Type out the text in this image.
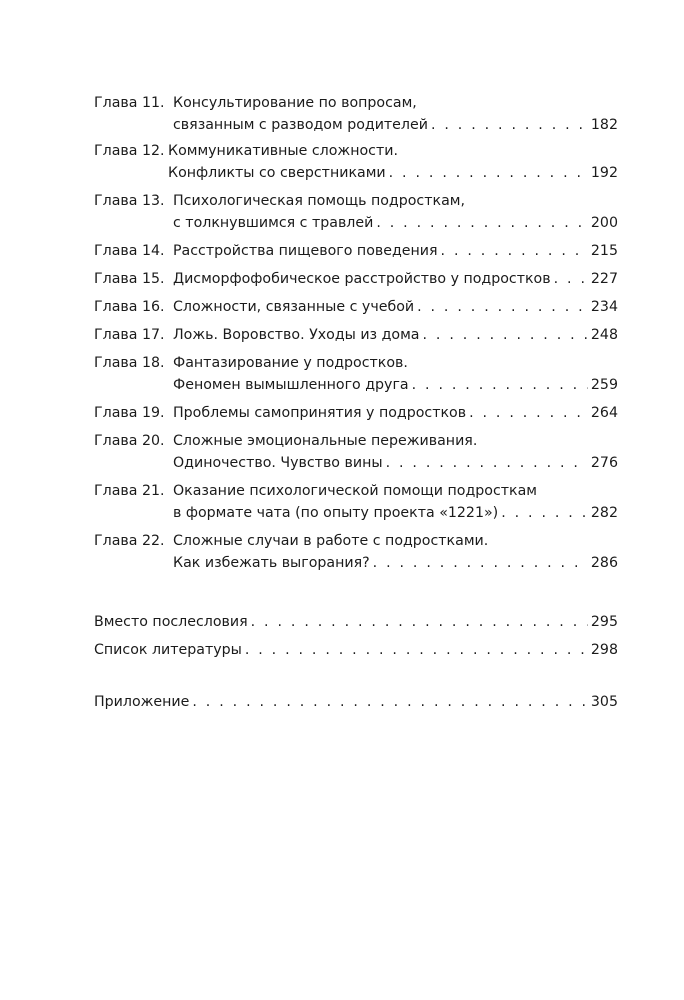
Глава 11. Консультирование по вопросам,
связанным с разводом родителей . . .	182
Глава 12. Коммуникативные сложности.
Конфликты со сверстниками . . .	192
Глава 13. Психологическая помощь подросткам,
с толкнувшимся с травлей . . .	200
Глава 14. Расстройства пищевого поведения . . .	215
Глава 15. Дисморфофобическое расстройство у подростков . . .	227
Глава 16. Сложности, связанные с учебой . . .	234
Глава 17. Ложь. Воровство. Уходы из дома . . .	248
Глава 18. Фантазирование у подростков.
Феномен вымышленного друга . . .	259
Глава 19. Проблемы самопринятия у подростков . . .	264
Глава 20. Сложные эмоциональные переживания.
Одиночество. Чувство вины . . .	276
Глава 21. Оказание психологической помощи подросткам
в формате чата (по опыту проекта «1221») . . .	282
Глава 22. Сложные случаи в работе с подростками.
Как избежать выгорания? . . .	286
Вместо послесловия . . .	295
Список литературы . . .	298
Приложение . . .	305
